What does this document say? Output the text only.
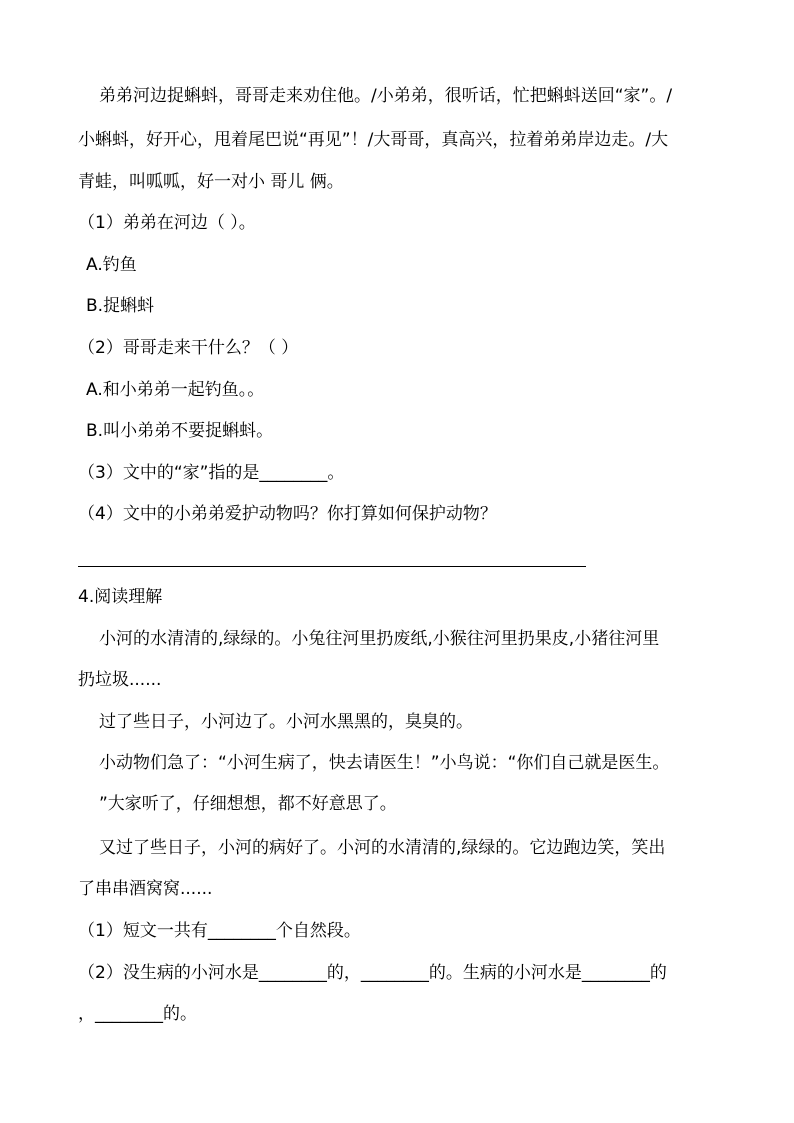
弟弟河边捉蝌蚪，哥哥走来劝住他。/小弟弟，很听话，忙把蝌蚪送回“家”。/
小蝌蚪，好开心，甩着尾巴说“再见”！/大哥哥，真高兴，拉着弟弟岸边走。/大
青蛙，叫呱呱，好一对小 哥儿 俩。
（1）弟弟在河边（ ）。
A.钓鱼
B.捉蝌蚪
（2）哥哥走来干什么？（ ）
A.和小弟弟一起钓鱼。。
B.叫小弟弟不要捉蝌蚪。
（3）文中的“家”指的是________。
（4）文中的小弟弟爱护动物吗？你打算如何保护动物？
4.阅读理解
小河的水清清的,绿绿的。小兔往河里扔废纸,小猴往河里扔果皮,小猪往河里
扔垃圾......
过了些日子，小河边了。小河水黑黑的，臭臭的。
小动物们急了：“小河生病了，快去请医生！”小鸟说：“你们自己就是医生。
”大家听了，仔细想想，都不好意思了。
又过了些日子，小河的病好了。小河的水清清的,绿绿的。它边跑边笑，笑出
了串串酒窝窝......
（1）短文一共有________个自然段。
（2）没生病的小河水是________的，________的。生病的小河水是________的
，________的。
